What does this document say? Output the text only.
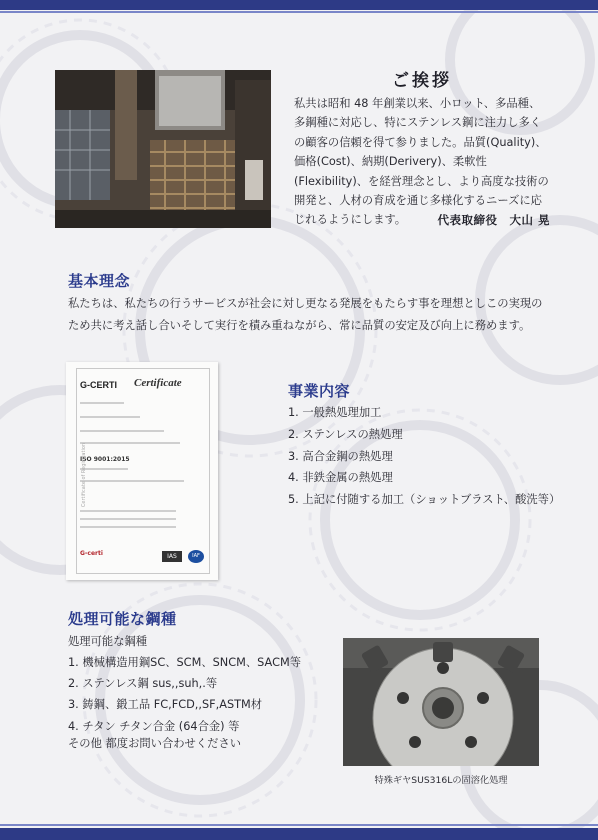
ご挨拶
私共は昭和 48 年創業以来、小ロット、多品種、多鋼種に対応し、特にステンレス鋼に注力し多くの顧客の信頼を得て参りました。品質(Quality)、価格(Cost)、納期(Derivery)、柔軟性(Flexibility)、を経営理念とし、より高度な技術の開発と、人材の育成を通じ多様化するニーズに応じれるようにします。	代表取締役　大山 晃
基本理念
私たちは、私たちの行うサービスが社会に対し更なる発展をもたらす事を理想としこの実現のため共に考え話し合いそして実行を積み重ねながら、常に品質の安定及び向上に務めます。
G-CERTI Certificate
ISO 9001:2015
Certificate of Registration
G-certi	IAS	IAF
事業内容
1. 一般熱処理加工
2. ステンレスの熱処理
3. 高合金鋼の熱処理
4. 非鉄金属の熱処理
5. 上記に付随する加工（ショットブラスト、酸洗等）
処理可能な鋼種
処理可能な鋼種
1. 機械構造用鋼SC、SCM、SNCM、SACM等
2. ステンレス鋼 sus,,suh,.等
3. 鋳鋼、鍛工品 FC,FCD,,SF,ASTM材
4. チタン チタン合金 (64合金) 等
その他 都度お問い合わせください
特殊ギヤSUS316Lの固溶化処理
